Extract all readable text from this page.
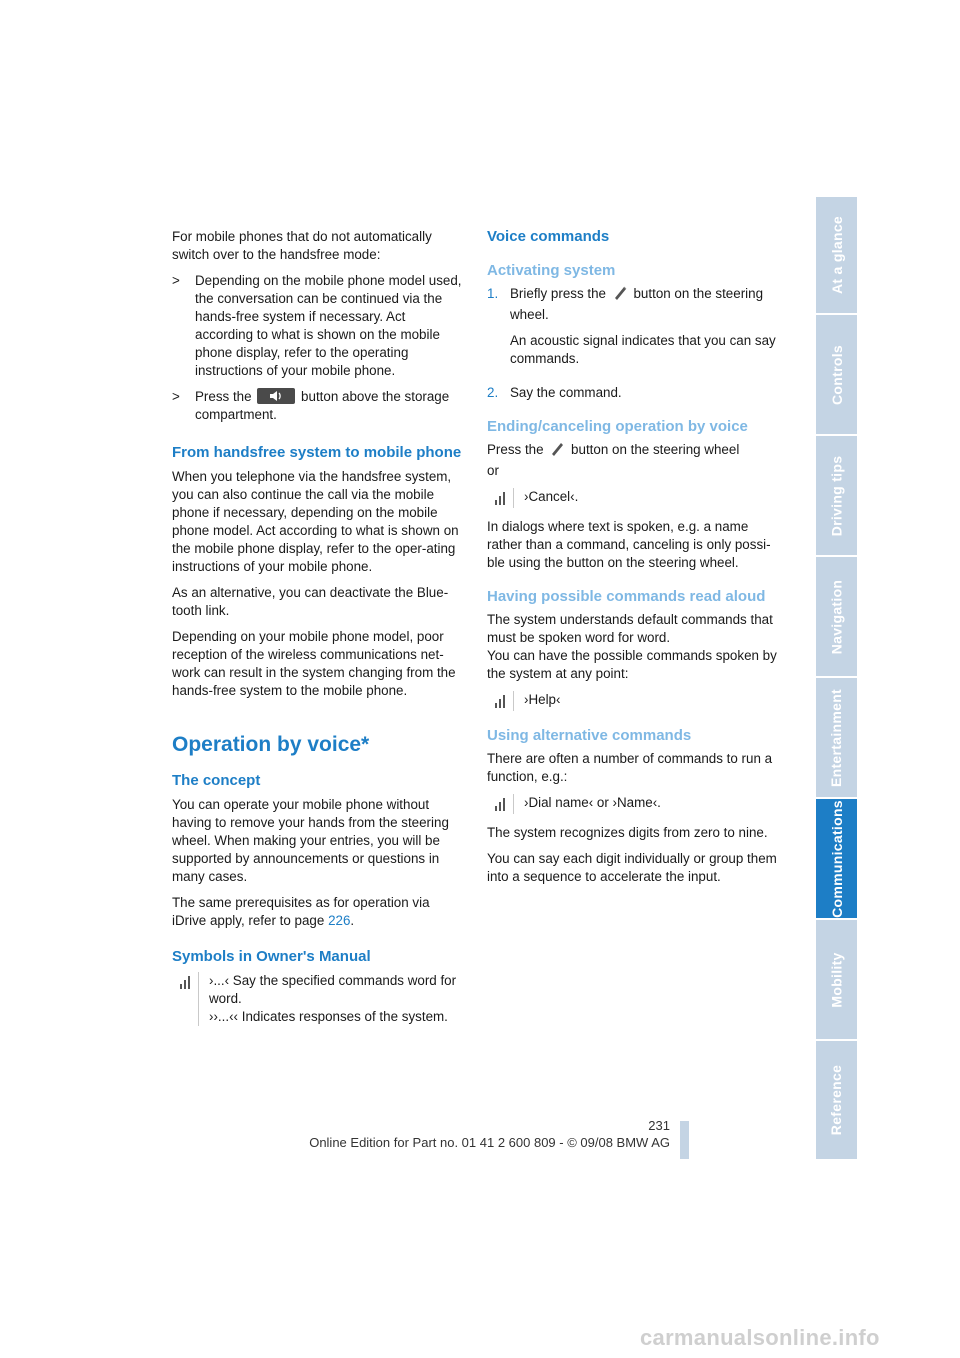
For mobile phones that do not automatically switch over to the handsfree mode:

>	Depending on the mobile phone model used, the conversation can be continued via the hands-free system if necessary. Act according to what is shown on the mobile phone display, refer to the operating instructions of your mobile phone.
>	Press the	button above the storage compartment.
From handsfree system to mobile phone

When you telephone via the handsfree system, you can also continue the call via the mobile phone if necessary, depending on the mobile phone model. Act according to what is shown on the mobile phone display, refer to the oper-ating instructions of your mobile phone.

As an alternative, you can deactivate the Blue-tooth link.

Depending on your mobile phone model, poor reception of the wireless communications net-work can result in the system changing from the hands-free system to the mobile phone.

Operation by voice*
The concept

You can operate your mobile phone without having to remove your hands from the steering wheel. When making your entries, you will be supported by announcements or questions in many cases.

The same prerequisites as for operation via iDrive apply, refer to page 226.

Symbols in Owner's Manual

›...‹ Say the specified commands word for word.

››...‹‹ Indicates responses of the system.

Voice commands
Activating system
1. Briefly press the button on the steering wheel.

An acoustic signal indicates that you can say commands.

2. Say the command.
Ending/canceling operation by voice

Press the button on the steering wheel

or

›Cancel‹.

In dialogs where text is spoken, e.g. a name rather than a command, canceling is only possi-ble using the button on the steering wheel.

Having possible commands read aloud

The system understands default commands that must be spoken word for word.

You can have the possible commands spoken by the system at any point:

›Help‹

Using alternative commands

There are often a number of commands to run a function, e.g.:

›Dial name‹ or ›Name‹.

The system recognizes digits from zero to nine.

You can say each digit individually or group them into a sequence to accelerate the input.

At a glance
Controls
Driving tips
Navigation
Entertainment
Communications
Mobility
Reference
231
Online Edition for Part no. 01 41 2 600 809 - © 09/08 BMW AG
carmanualsonline.info
